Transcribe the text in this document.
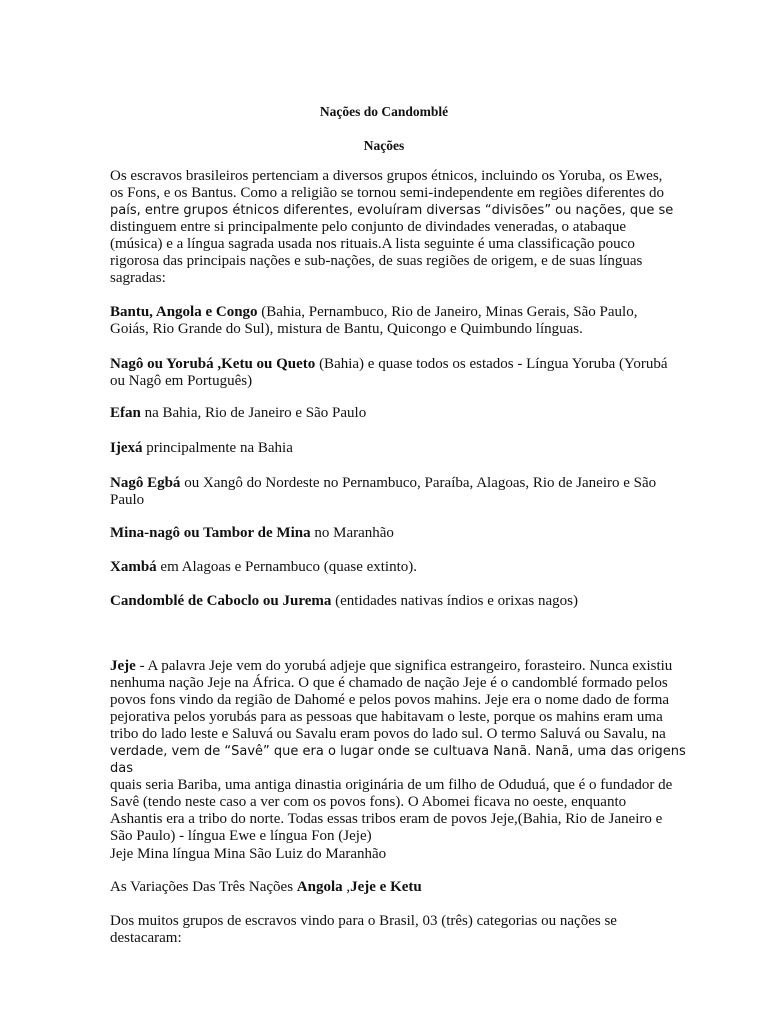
Nações do Candomblé

Nações

Os escravos brasileiros pertenciam a diversos grupos étnicos, incluindo os Yoruba, os Ewes,
os Fons, e os Bantus. Como a religião se tornou semi-independente em regiões diferentes do
país, entre grupos étnicos diferentes, evoluíram diversas “divisões” ou nações, que se
distinguem entre si principalmente pelo conjunto de divindades veneradas, o atabaque
(música) e a língua sagrada usada nos rituais.A lista seguinte é uma classificação pouco
rigorosa das principais nações e sub-nações, de suas regiões de origem, e de suas línguas
sagradas:

Bantu, Angola e Congo (Bahia, Pernambuco, Rio de Janeiro, Minas Gerais, São Paulo,
Goiás, Rio Grande do Sul), mistura de Bantu, Quicongo e Quimbundo línguas.

Nagô ou Yorubá ,Ketu ou Queto (Bahia) e quase todos os estados - Língua Yoruba (Yorubá
ou Nagô em Português)

Efan na Bahia, Rio de Janeiro e São Paulo

Ijexá principalmente na Bahia

Nagô Egbá ou Xangô do Nordeste no Pernambuco, Paraíba, Alagoas, Rio de Janeiro e São
Paulo

Mina-nagô ou Tambor de Mina no Maranhão

Xambá em Alagoas e Pernambuco (quase extinto).

Candomblé de Caboclo ou Jurema (entidades nativas índios e orixas nagos)

Jeje - A palavra Jeje vem do yorubá adjeje que significa estrangeiro, forasteiro. Nunca existiu
nenhuma nação Jeje na África. O que é chamado de nação Jeje é o candomblé formado pelos
povos fons vindo da região de Dahomé e pelos povos mahins. Jeje era o nome dado de forma
pejorativa pelos yorubás para as pessoas que habitavam o leste, porque os mahins eram uma
tribo do lado leste e Saluvá ou Savalu eram povos do lado sul. O termo Saluvá ou Savalu, na
verdade, vem de “Savê” que era o lugar onde se cultuava Nanã. Nanã, uma das origens das
quais seria Bariba, uma antiga dinastia originária de um filho de Oduduá, que é o fundador de
Savê (tendo neste caso a ver com os povos fons). O Abomei ficava no oeste, enquanto
Ashantis era a tribo do norte. Todas essas tribos eram de povos Jeje,(Bahia, Rio de Janeiro e
São Paulo) - língua Ewe e língua Fon (Jeje)

Jeje Mina língua Mina São Luiz do Maranhão

As Variações Das Três Nações Angola ,Jeje e Ketu

Dos muitos grupos de escravos vindo para o Brasil, 03 (três) categorias ou nações se
destacaram:
